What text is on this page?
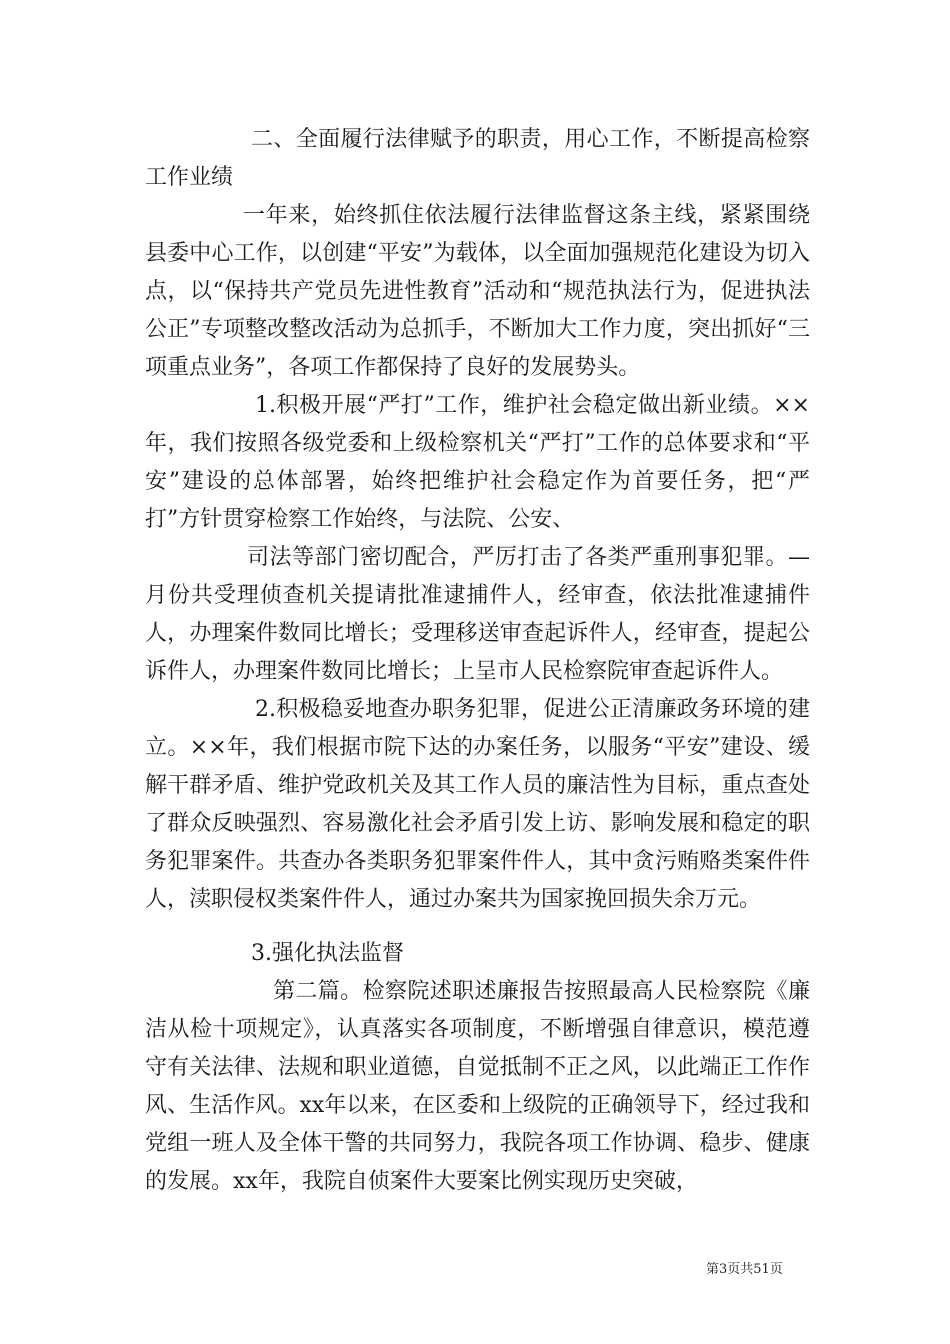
二、全面履行法律赋予的职责，用心工作，不断提高检察工作业绩

一年来，始终抓住依法履行法律监督这条主线，紧紧围绕县委中心工作，以创建“平安”为载体，以全面加强规范化建设为切入点，以“保持共产党员先进性教育”活动和“规范执法行为，促进执法公正”专项整改整改活动为总抓手，不断加大工作力度，突出抓好“三项重点业务”，各项工作都保持了良好的发展势头。

1.积极开展“严打”工作，维护社会稳定做出新业绩。××年，我们按照各级党委和上级检察机关“严打”工作的总体要求和“平安”建设的总体部署，始终把维护社会稳定作为首要任务，把“严打”方针贯穿检察工作始终，与法院、公安、

司法等部门密切配合，严厉打击了各类严重刑事犯罪。—月份共受理侦查机关提请批准逮捕件人，经审查，依法批准逮捕件人，办理案件数同比增长；受理移送审查起诉件人，经审查，提起公诉件人，办理案件数同比增长；上呈市人民检察院审查起诉件人。

2.积极稳妥地查办职务犯罪，促进公正清廉政务环境的建立。××年，我们根据市院下达的办案任务，以服务“平安”建设、缓解干群矛盾、维护党政机关及其工作人员的廉洁性为目标，重点查处了群众反映强烈、容易激化社会矛盾引发上访、影响发展和稳定的职务犯罪案件。共查办各类职务犯罪案件件人，其中贪污贿赂类案件件人，渎职侵权类案件件人，通过办案共为国家挽回损失余万元。

3.强化执法监督

第二篇。检察院述职述廉报告按照最高人民检察院《廉洁从检十项规定》，认真落实各项制度，不断增强自律意识，模范遵守有关法律、法规和职业道德，自觉抵制不正之风，以此端正工作作风、生活作风。xx年以来，在区委和上级院的正确领导下，经过我和党组一班人及全体干警的共同努力，我院各项工作协调、稳步、健康的发展。xx年，我院自侦案件大要案比例实现历史突破，

第3页共51页
